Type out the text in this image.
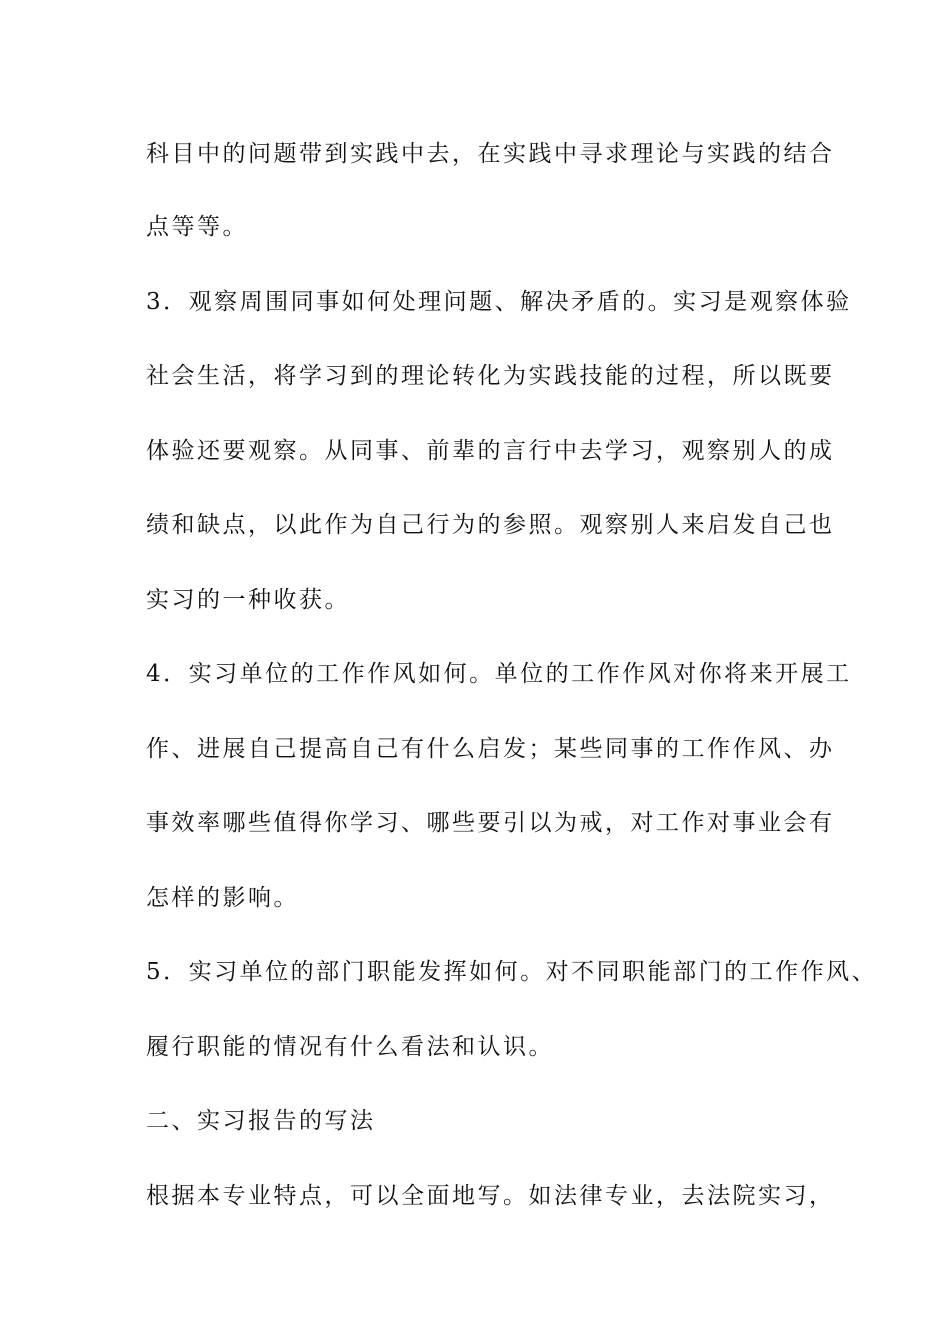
科目中的问题带到实践中去，在实践中寻求理论与实践的结合
点等等。
3．观察周围同事如何处理问题、解决矛盾的。实习是观察体验
社会生活，将学习到的理论转化为实践技能的过程，所以既要
体验还要观察。从同事、前辈的言行中去学习，观察别人的成
绩和缺点，以此作为自己行为的参照。观察别人来启发自己也
实习的一种收获。
4．实习单位的工作作风如何。单位的工作作风对你将来开展工
作、进展自己提高自己有什么启发；某些同事的工作作风、办
事效率哪些值得你学习、哪些要引以为戒，对工作对事业会有
怎样的影响。
5．实习单位的部门职能发挥如何。对不同职能部门的工作作风、
履行职能的情况有什么看法和认识。
二、实习报告的写法
根据本专业特点，可以全面地写。如法律专业，去法院实习，
